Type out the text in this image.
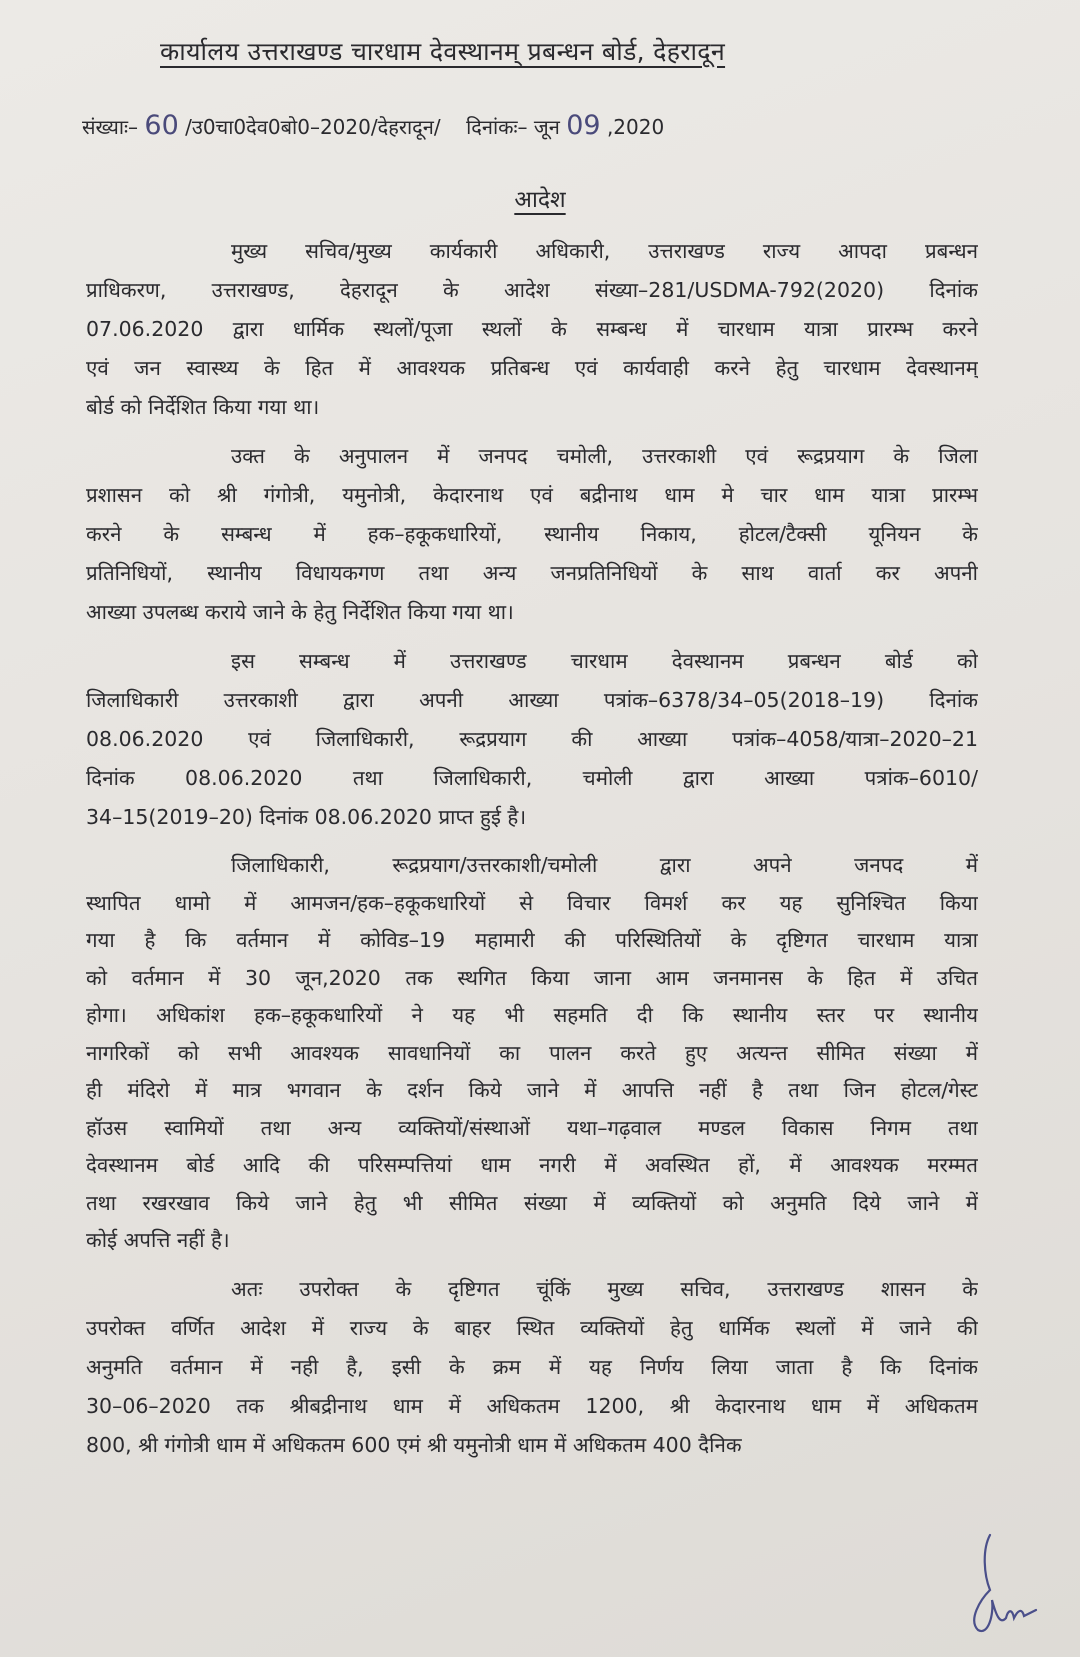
कार्यालय उत्तराखण्ड चारधाम देवस्थानम् प्रबन्धन बोर्ड, देहरादून
संख्याः– 60 /उ0चा0देव0बो0–2020/देहरादून/ दिनांकः– जून 09 ,2020
आदेश
मुख्य सचिव/मुख्य कार्यकारी अधिकारी, उत्तराखण्ड राज्य आपदा प्रबन्धन
प्राधिकरण, उत्तराखण्ड, देहरादून के आदेश संख्या–281/USDMA-792(2020) दिनांक
07.06.2020 द्वारा धार्मिक स्थलों/पूजा स्थलों के सम्बन्ध में चारधाम यात्रा प्रारम्भ करने
एवं जन स्वास्थ्य के हित में आवश्यक प्रतिबन्ध एवं कार्यवाही करने हेतु चारधाम देवस्थानम्
बोर्ड को निर्देशित किया गया था।
उक्त के अनुपालन में जनपद चमोली, उत्तरकाशी एवं रूद्रप्रयाग के जिला
प्रशासन को श्री गंगोत्री, यमुनोत्री, केदारनाथ एवं बद्रीनाथ धाम मे चार धाम यात्रा प्रारम्भ
करने के सम्बन्ध में हक–हकूकधारियों, स्थानीय निकाय, होटल/टैक्सी यूनियन के
प्रतिनिधियों, स्थानीय विधायकगण तथा अन्य जनप्रतिनिधियों के साथ वार्ता कर अपनी
आख्या उपलब्ध कराये जाने के हेतु निर्देशित किया गया था।
इस सम्बन्ध में उत्तराखण्ड चारधाम देवस्थानम प्रबन्धन बोर्ड को
जिलाधिकारी उत्तरकाशी द्वारा अपनी आख्या पत्रांक–6378/34–05(2018–19) दिनांक
08.06.2020 एवं जिलाधिकारी, रूद्रप्रयाग की आख्या पत्रांक–4058/यात्रा–2020–21
दिनांक 08.06.2020 तथा जिलाधिकारी, चमोली द्वारा आख्या पत्रांक–6010/
34–15(2019–20) दिनांक 08.06.2020 प्राप्त हुई है।
जिलाधिकारी, रूद्रप्रयाग/उत्तरकाशी/चमोली द्वारा अपने जनपद में
स्थापित धामो में आमजन/हक–हकूकधारियों से विचार विमर्श कर यह सुनिश्चित किया
गया है कि वर्तमान में कोविड–19 महामारी की परिस्थितियों के दृष्टिगत चारधाम यात्रा
को वर्तमान में 30 जून,2020 तक स्थगित किया जाना आम जनमानस के हित में उचित
होगा। अधिकांश हक–हकूकधारियों ने यह भी सहमति दी कि स्थानीय स्तर पर स्थानीय
नागरिकों को सभी आवश्यक सावधानियों का पालन करते हुए अत्यन्त सीमित संख्या में
ही मंदिरो में मात्र भगवान के दर्शन किये जाने में आपत्ति नहीं है तथा जिन होटल/गेस्ट
हॉउस स्वामियों तथा अन्य व्यक्तियों/संस्थाओं यथा–गढ़वाल मण्डल विकास निगम तथा
देवस्थानम बोर्ड आदि की परिसम्पत्तियां धाम नगरी में अवस्थित हों, में आवश्यक मरम्मत
तथा रखरखाव किये जाने हेतु भी सीमित संख्या में व्यक्तियों को अनुमति दिये जाने में
कोई अपत्ति नहीं है।
अतः उपरोक्त के दृष्टिगत चूंकिं मुख्य सचिव, उत्तराखण्ड शासन के
उपरोक्त वर्णित आदेश में राज्य के बाहर स्थित व्यक्तियों हेतु धार्मिक स्थलों में जाने की
अनुमति वर्तमान में नही है, इसी के क्रम में यह निर्णय लिया जाता है कि दिनांक
30–06–2020 तक श्रीबद्रीनाथ धाम में अधिकतम 1200, श्री केदारनाथ धाम में अधिकतम
800, श्री गंगोत्री धाम में अधिकतम 600 एमं श्री यमुनोत्री धाम में अधिकतम 400 दैनिक
